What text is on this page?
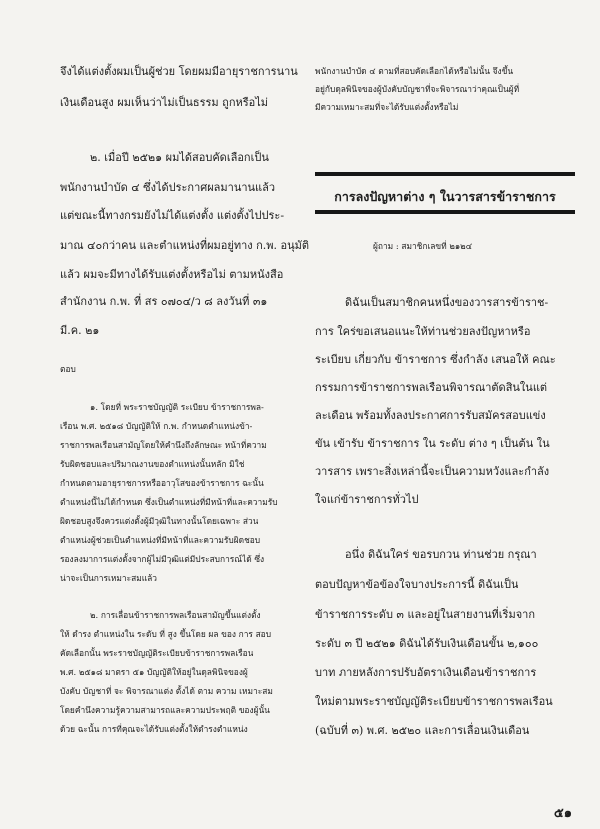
จึงได้แต่งตั้งผมเป็นผู้ช่วย โดยผมมีอายุราชการนาน
เงินเดือนสูง ผมเห็นว่าไม่เป็นธรรม ถูกหรือไม่
๒. เมื่อปี ๒๕๒๑ ผมได้สอบคัดเลือกเป็น
พนักงานบำบัด ๔ ซึ่งได้ประกาศผลมานานแล้ว
แต่ขณะนี้ทางกรมยังไม่ได้แต่งตั้ง แต่งตั้งไปประ-
มาณ ๔๐กว่าคน และตำแหน่งที่ผมอยู่ทาง ก.พ. อนุมัติ
แล้ว ผมจะมีทางได้รับแต่งตั้งหรือไม่ ตามหนังสือ
สำนักงาน ก.พ. ที่ สร ๐๗๐๔/ว ๘ ลงวันที่ ๓๑
มี.ค. ๒๑
ตอบ
๑. โดยที่ พระราชบัญญัติ ระเบียบ ข้าราชการพล-
เรือน พ.ศ. ๒๕๑๘ บัญญัติให้ ก.พ. กำหนดตำแหน่งข้า-
ราชการพลเรือนสามัญโดยให้คำนึงถึงลักษณะ หน้าที่ความ
รับผิดชอบและปริมาณงานของตำแหน่งนั้นหลัก มิใช่
กำหนดตามอายุราชการหรืออาวุโสของข้าราชการ ฉะนั้น
ตำแหน่งนี้ไม่ได้กำหนด ซึ่งเป็นตำแหน่งที่มีหน้าที่และความรับ
ผิดชอบสูงจึงควรแต่งตั้งผู้มีวุฒิในทางนั้นโดยเฉพาะ ส่วน
ตำแหน่งผู้ช่วยเป็นตำแหน่งที่มีหน้าที่และความรับผิดชอบ
รองลงมาการแต่งตั้งจากผู้ไม่มีวุฒิแต่มีประสบการณ์ได้ ซึ่ง
น่าจะเป็นการเหมาะสมแล้ว
๒. การเลื่อนข้าราชการพลเรือนสามัญขึ้นแต่งตั้ง
ให้ ดำรง ตำแหน่งใน ระดับ ที่ สูง ขึ้นโดย ผล ของ การ สอบ
คัดเลือกนั้น พระราชบัญญัติระเบียบข้าราชการพลเรือน
พ.ศ. ๒๕๑๘ มาตรา ๕๑ บัญญัติให้อยู่ในดุลพินิจของผู้
บังคับ บัญชาที่ จะ พิจารณาแต่ง ตั้งได้ ตาม ความ เหมาะสม
โดยคำนึงความรู้ความสามารถและความประพฤติ ของผู้นั้น
ด้วย ฉะนั้น การที่คุณจะได้รับแต่งตั้งให้ดำรงตำแหน่ง
พนักงานบำบัด ๔ ตามที่สอบคัดเลือกได้หรือไม่นั้น จึงขึ้น
อยู่กับดุลพินิจของผู้บังคับบัญชาที่จะพิจารณาว่าคุณเป็นผู้ที่
มีความเหมาะสมที่จะได้รับแต่งตั้งหรือไม่
การลงปัญหาต่าง ๆ ในวารสารข้าราชการ
ผู้ถาม : สมาชิกเลขที่ ๒๑๒๔
ดิฉันเป็นสมาชิกคนหนึ่งของวารสารข้าราช-
การ ใคร่ขอเสนอแนะให้ท่านช่วยลงปัญหาหรือ
ระเบียบ เกี่ยวกับ ข้าราชการ ซึ่งกำลัง เสนอให้ คณะ
กรรมการข้าราชการพลเรือนพิจารณาตัดสินในแต่
ละเดือน พร้อมทั้งลงประกาศการรับสมัครสอบแข่ง
ขัน เข้ารับ ข้าราชการ ใน ระดับ ต่าง ๆ เป็นต้น ใน
วารสาร เพราะสิ่งเหล่านี้จะเป็นความหวังและกำลัง
ใจแก่ข้าราชการทั่วไป
อนึ่ง ดิฉันใคร่ ขอรบกวน ท่านช่วย กรุณา
ตอบปัญหาข้อข้องใจบางประการนี้ ดิฉันเป็น
ข้าราชการระดับ ๓ และอยู่ในสายงานที่เริ่มจาก
ระดับ ๓ ปี ๒๕๒๑ ดิฉันได้รับเงินเดือนขั้น ๒,๑๐๐
บาท ภายหลังการปรับอัตราเงินเดือนข้าราชการ
ใหม่ตามพระราชบัญญัติระเบียบข้าราชการพลเรือน
(ฉบับที่ ๓) พ.ศ. ๒๕๒๐ และการเลื่อนเงินเดือน
๕๑
